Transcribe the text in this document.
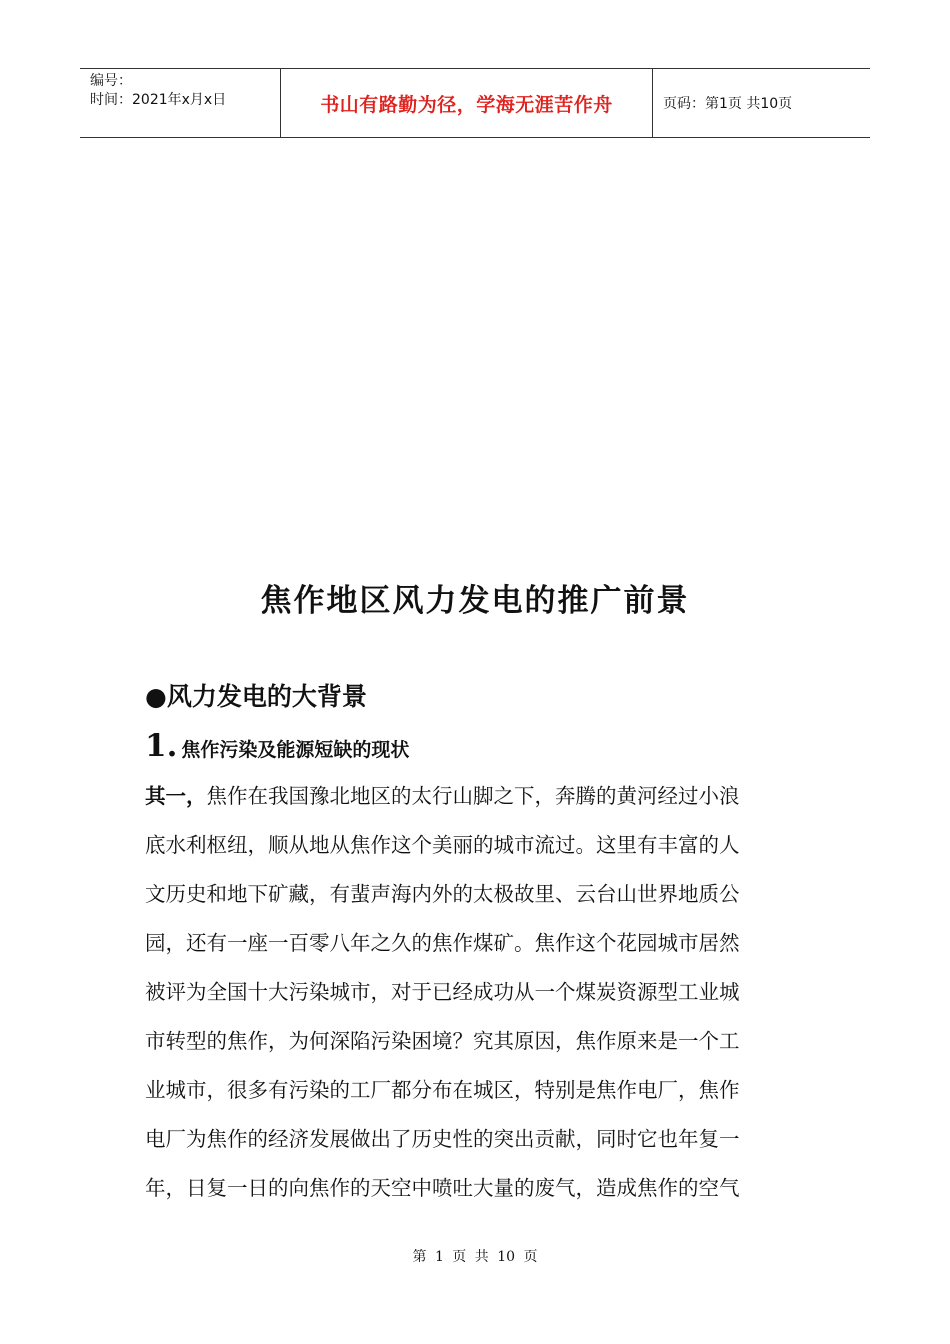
编号：
时间：2021年x月x日	书山有路勤为径，学海无涯苦作舟	页码：第1页 共10页
焦作地区风力发电的推广前景
●风力发电的大背景
1. 焦作污染及能源短缺的现状
其一，焦作在我国豫北地区的太行山脚之下，奔腾的黄河经过小浪
底水利枢纽，顺从地从焦作这个美丽的城市流过。这里有丰富的人
文历史和地下矿藏，有蜚声海内外的太极故里、云台山世界地质公
园，还有一座一百零八年之久的焦作煤矿。焦作这个花园城市居然
被评为全国十大污染城市，对于已经成功从一个煤炭资源型工业城
市转型的焦作，为何深陷污染困境？究其原因，焦作原来是一个工
业城市，很多有污染的工厂都分布在城区，特别是焦作电厂，焦作
电厂为焦作的经济发展做出了历史性的突出贡献，同时它也年复一
年，日复一日的向焦作的天空中喷吐大量的废气，造成焦作的空气
第 1 页 共 10 页
